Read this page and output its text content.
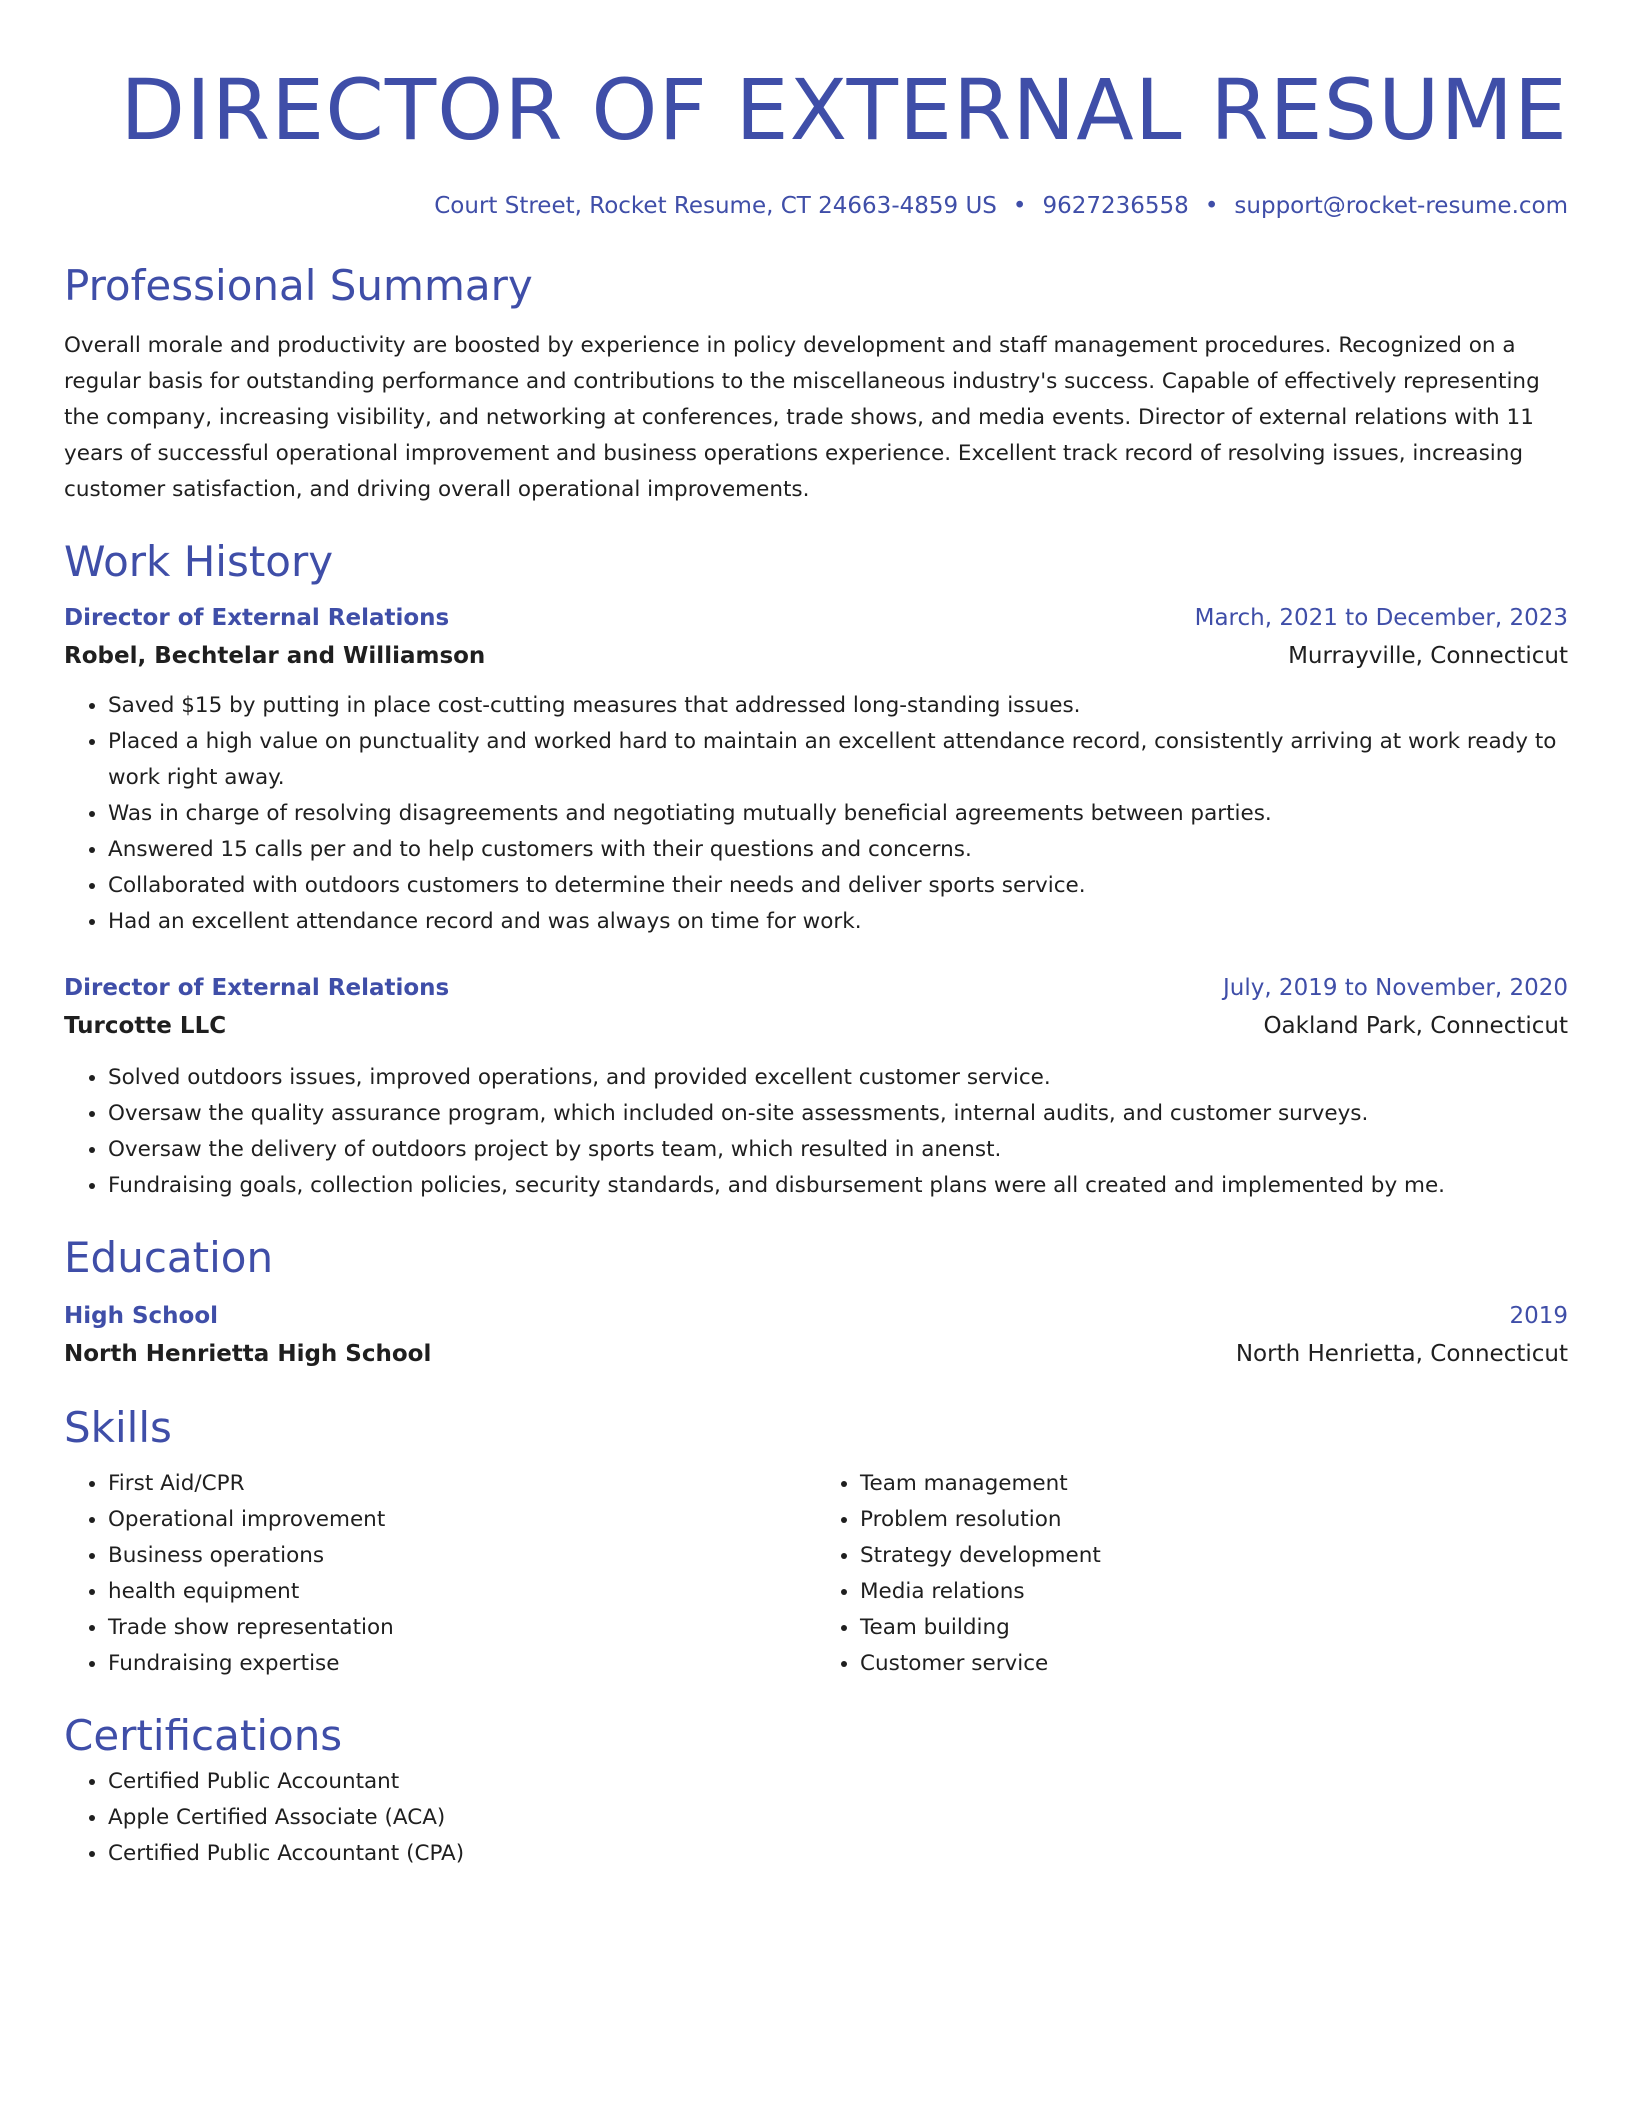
DIRECTOR OF EXTERNAL RESUME
Court Street, Rocket Resume, CT 24663-4859 US • 9627236558 • support@rocket-resume.com
Professional Summary
Overall morale and productivity are boosted by experience in policy development and staff management procedures. Recognized on a regular basis for outstanding performance and contributions to the miscellaneous industry's success. Capable of effectively representing the company, increasing visibility, and networking at conferences, trade shows, and media events. Director of external relations with 11 years of successful operational improvement and business operations experience. Excellent track record of resolving issues, increasing customer satisfaction, and driving overall operational improvements.
Work History
Director of External Relations	March, 2021 to December, 2023
Robel, Bechtelar and Williamson	Murrayville, Connecticut
• Saved $15 by putting in place cost-cutting measures that addressed long-standing issues.
• Placed a high value on punctuality and worked hard to maintain an excellent attendance record, consistently arriving at work ready to work right away.
• Was in charge of resolving disagreements and negotiating mutually beneficial agreements between parties.
• Answered 15 calls per and to help customers with their questions and concerns.
• Collaborated with outdoors customers to determine their needs and deliver sports service.
• Had an excellent attendance record and was always on time for work.
Director of External Relations	July, 2019 to November, 2020
Turcotte LLC	Oakland Park, Connecticut
• Solved outdoors issues, improved operations, and provided excellent customer service.
• Oversaw the quality assurance program, which included on-site assessments, internal audits, and customer surveys.
• Oversaw the delivery of outdoors project by sports team, which resulted in anenst.
• Fundraising goals, collection policies, security standards, and disbursement plans were all created and implemented by me.
Education
High School	2019
North Henrietta High School	North Henrietta, Connecticut
Skills
• First Aid/CPR
• Operational improvement
• Business operations
• health equipment
• Trade show representation
• Fundraising expertise
• Team management
• Problem resolution
• Strategy development
• Media relations
• Team building
• Customer service
Certifications
• Certified Public Accountant
• Apple Certified Associate (ACA)
• Certified Public Accountant (CPA)
